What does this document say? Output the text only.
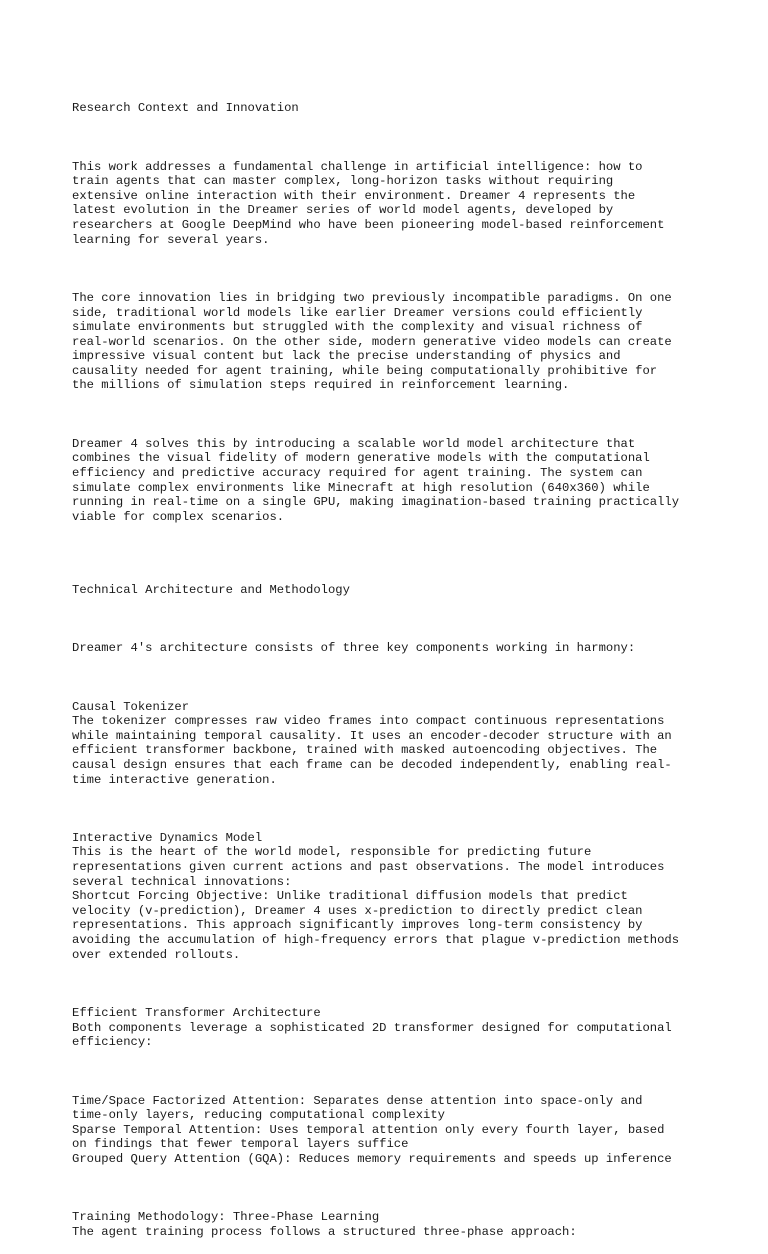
Research Context and Innovation

This work addresses a fundamental challenge in artificial intelligence: how to
train agents that can master complex, long-horizon tasks without requiring
extensive online interaction with their environment. Dreamer 4 represents the
latest evolution in the Dreamer series of world model agents, developed by
researchers at Google DeepMind who have been pioneering model-based reinforcement
learning for several years.

The core innovation lies in bridging two previously incompatible paradigms. On one
side, traditional world models like earlier Dreamer versions could efficiently
simulate environments but struggled with the complexity and visual richness of
real-world scenarios. On the other side, modern generative video models can create
impressive visual content but lack the precise understanding of physics and
causality needed for agent training, while being computationally prohibitive for
the millions of simulation steps required in reinforcement learning.

Dreamer 4 solves this by introducing a scalable world model architecture that
combines the visual fidelity of modern generative models with the computational
efficiency and predictive accuracy required for agent training. The system can
simulate complex environments like Minecraft at high resolution (640x360) while
running in real-time on a single GPU, making imagination-based training practically
viable for complex scenarios.

Technical Architecture and Methodology

Dreamer 4's architecture consists of three key components working in harmony:

Causal Tokenizer
The tokenizer compresses raw video frames into compact continuous representations
while maintaining temporal causality. It uses an encoder-decoder structure with an
efficient transformer backbone, trained with masked autoencoding objectives. The
causal design ensures that each frame can be decoded independently, enabling real-
time interactive generation.

Interactive Dynamics Model
This is the heart of the world model, responsible for predicting future
representations given current actions and past observations. The model introduces
several technical innovations:
Shortcut Forcing Objective: Unlike traditional diffusion models that predict
velocity (v-prediction), Dreamer 4 uses x-prediction to directly predict clean
representations. This approach significantly improves long-term consistency by
avoiding the accumulation of high-frequency errors that plague v-prediction methods
over extended rollouts.

Efficient Transformer Architecture
Both components leverage a sophisticated 2D transformer designed for computational
efficiency:

Time/Space Factorized Attention: Separates dense attention into space-only and
time-only layers, reducing computational complexity
Sparse Temporal Attention: Uses temporal attention only every fourth layer, based
on findings that fewer temporal layers suffice
Grouped Query Attention (GQA): Reduces memory requirements and speeds up inference

Training Methodology: Three-Phase Learning
The agent training process follows a structured three-phase approach:
